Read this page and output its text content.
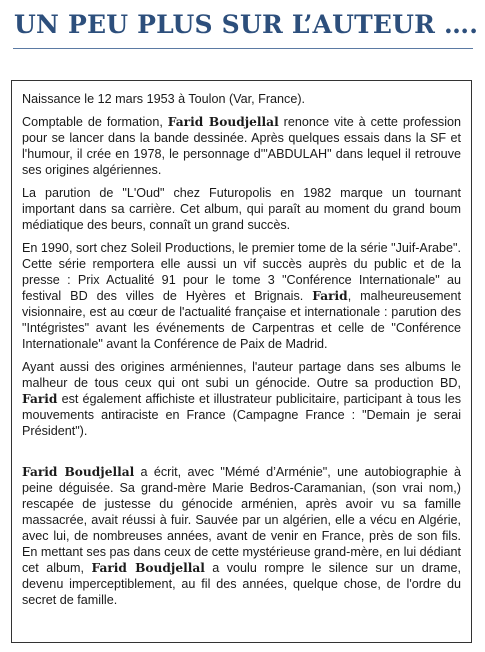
UN PEU PLUS SUR L’AUTEUR ….

Naissance le 12 mars 1953 à Toulon (Var, France).

Comptable de formation, Farid Boudjellal renonce vite à cette profession pour se lancer dans la bande dessinée. Après quelques essais dans la SF et l'humour, il crée en 1978, le personnage d'"ABDULAH" dans lequel il retrouve ses origines algériennes.

La parution de "L'Oud" chez Futuropolis en 1982 marque un tournant important dans sa carrière. Cet album, qui paraît au moment du grand boum médiatique des beurs, connaît un grand succès.

En 1990, sort chez Soleil Productions, le premier tome de la série "Juif-Arabe". Cette série remportera elle aussi un vif succès auprès du public et de la presse : Prix Actualité 91 pour le tome 3 "Conférence Internationale" au festival BD des villes de Hyères et Brignais. Farid, malheureusement visionnaire, est au cœur de l'actualité française et internationale : parution des "Intégristes" avant les événements de Carpentras et celle de "Conférence Internationale" avant la Conférence de Paix de Madrid.

Ayant aussi des origines arméniennes, l'auteur partage dans ses albums le malheur de tous ceux qui ont subi un génocide. Outre sa production BD, Farid est également affichiste et illustrateur publicitaire, participant à tous les mouvements antiraciste en France (Campagne France : "Demain je serai Président").

Farid Boudjellal a écrit, avec "Mémé d’Arménie", une autobiographie à peine déguisée. Sa grand-mère Marie Bedros-Caramanian, (son vrai nom,) rescapée de justesse du génocide arménien, après avoir vu sa famille massacrée, avait réussi à fuir. Sauvée par un algérien, elle a vécu en Algérie, avec lui, de nombreuses années, avant de venir en France, près de son fils. En mettant ses pas dans ceux de cette mystérieuse grand-mère, en lui dédiant cet album, Farid Boudjellal a voulu rompre le silence sur un drame, devenu imperceptiblement, au fil des années, quelque chose, de l'ordre du secret de famille.
